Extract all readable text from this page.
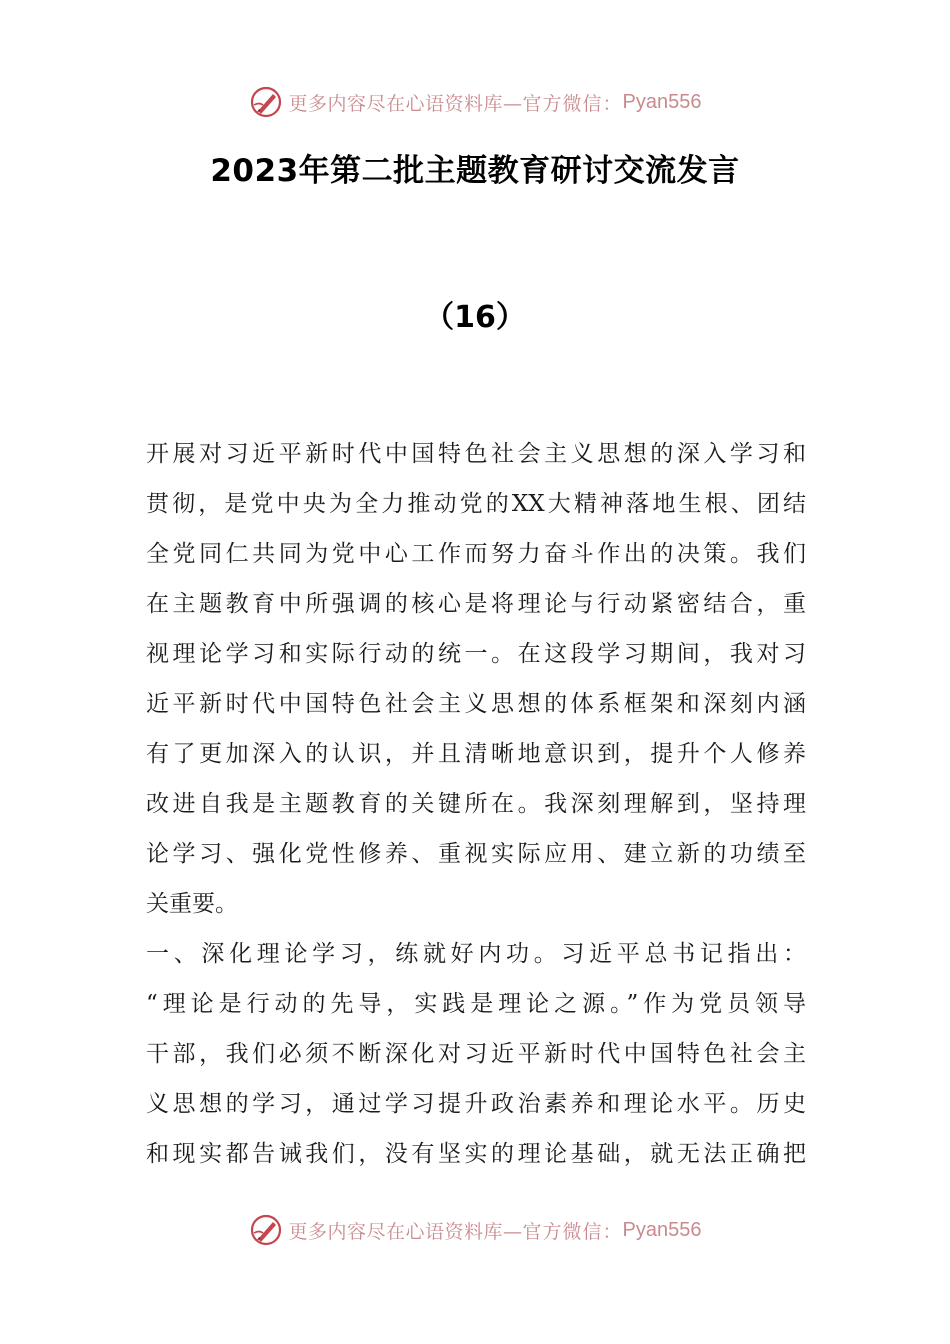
更多内容尽在心语资料库— 官方微信： Pyan556
2023年第二批主题教育研讨交流发言
（16）
开展对习近平新时代中国特色社会主义思想的深入学习和
贯彻，是党中央为全力推动党的XX大精神落地生根、团结
全党同仁共同为党中心工作而努力奋斗作出的决策。我们
在主题教育中所强调的核心是将理论与行动紧密结合，重
视理论学习和实际行动的统一。在这段学习期间，我对习
近平新时代中国特色社会主义思想的体系框架和深刻内涵
有了更加深入的认识，并且清晰地意识到，提升个人修养
改进自我是主题教育的关键所在。我深刻理解到，坚持理
论学习、强化党性修养、重视实际应用、建立新的功绩至
关重要。
一、深化理论学习，练就好内功。习近平总书记指出：
“理论是行动的先导，实践是理论之源。”作为党员领导
干部，我们必须不断深化对习近平新时代中国特色社会主
义思想的学习，通过学习提升政治素养和理论水平。历史
和现实都告诫我们，没有坚实的理论基础，就无法正确把
更多内容尽在心语资料库— 官方微信： Pyan556
